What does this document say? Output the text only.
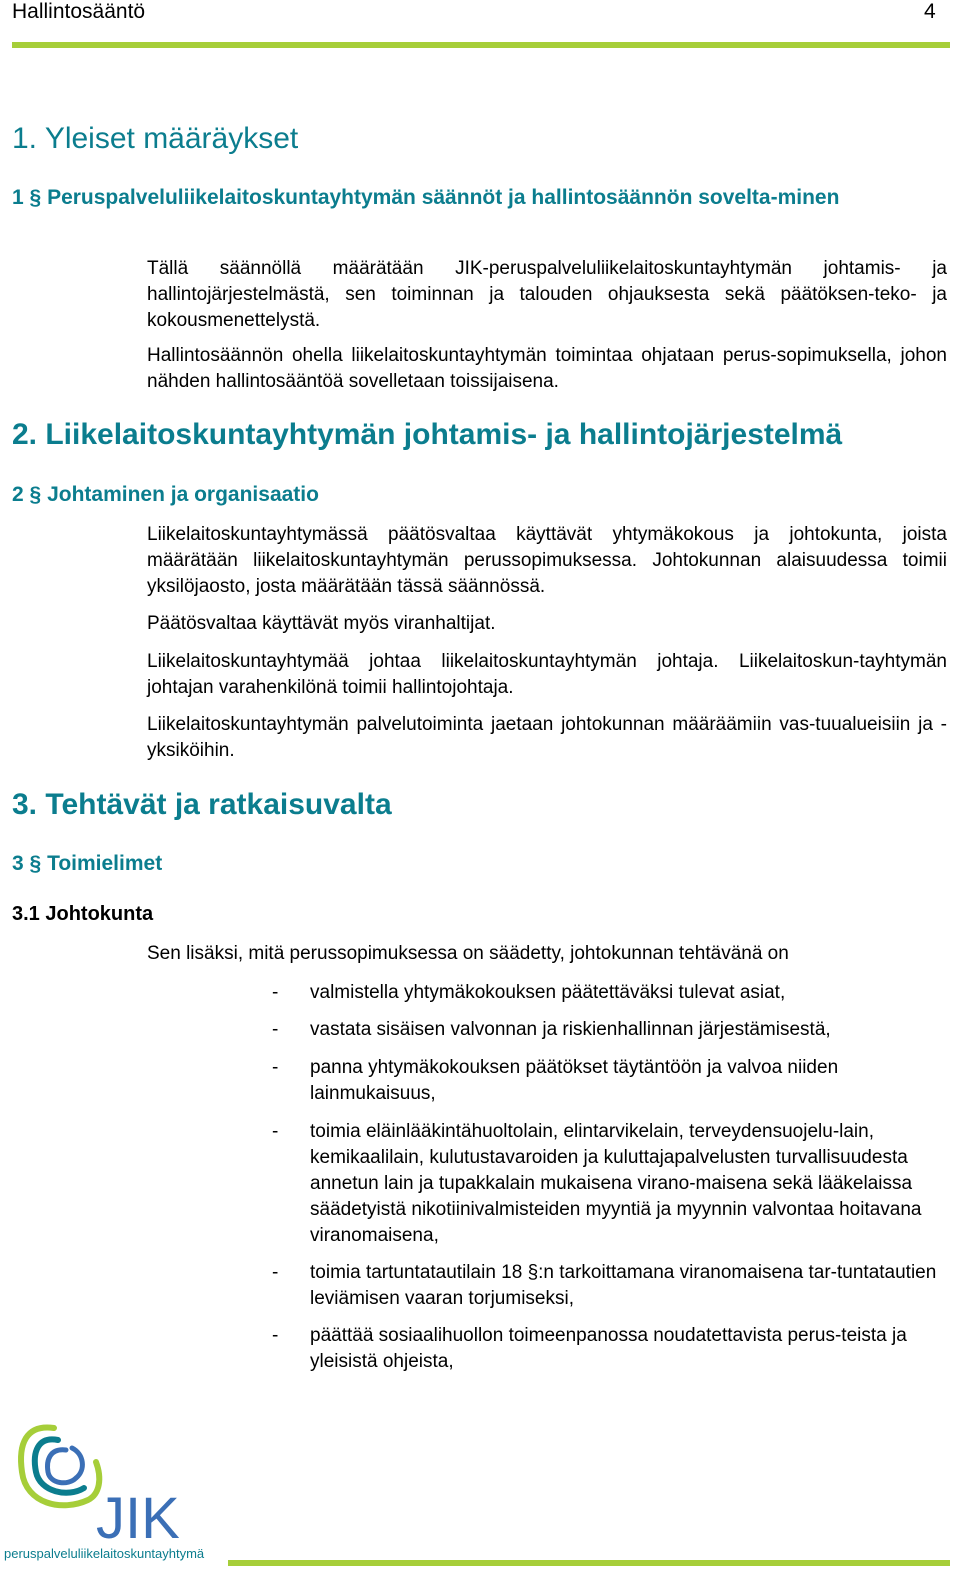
Hallintosääntö	4
1. Yleiset määräykset
1 § Peruspalveluliikelaitoskuntayhtymän säännöt ja hallintosäännön sovelta-minen
Tällä säännöllä määrätään JIK-peruspalveluliikelaitoskuntayhtymän johtamis- ja hallintojärjestelmästä, sen toiminnan ja talouden ohjauksesta sekä päätöksen-teko- ja kokousmenettelystä.
Hallintosäännön ohella liikelaitoskuntayhtymän toimintaa ohjataan perus-sopimuksella, johon nähden hallintosääntöä sovelletaan toissijaisena.
2. Liikelaitoskuntayhtymän johtamis- ja hallintojärjestelmä
2 § Johtaminen ja organisaatio
Liikelaitoskuntayhtymässä päätösvaltaa käyttävät yhtymäkokous ja johtokunta, joista määrätään liikelaitoskuntayhtymän perussopimuksessa. Johtokunnan alaisuudessa toimii yksilöjaosto, josta määrätään tässä säännössä.
Päätösvaltaa käyttävät myös viranhaltijat.
Liikelaitoskuntayhtymää johtaa liikelaitoskuntayhtymän johtaja. Liikelaitoskun-tayhtymän johtajan varahenkilönä toimii hallintojohtaja.
Liikelaitoskuntayhtymän palvelutoiminta jaetaan johtokunnan määräämiin vas-tuualueisiin ja -yksiköihin.
3. Tehtävät ja ratkaisuvalta
3 § Toimielimet
3.1 Johtokunta
Sen lisäksi, mitä perussopimuksessa on säädetty, johtokunnan tehtävänä on
- valmistella yhtymäkokouksen päätettäväksi tulevat asiat,
- vastata sisäisen valvonnan ja riskienhallinnan järjestämisestä,
- panna yhtymäkokouksen päätökset täytäntöön ja valvoa niiden lainmukaisuus,
- toimia eläinlääkintähuoltolain, elintarvikelain, terveydensuojelu-lain, kemikaalilain, kulutustavaroiden ja kuluttajapalvelusten turvallisuudesta annetun lain ja tupakkalain mukaisena virano-maisena sekä lääkelaissa säädetyistä nikotiinivalmisteiden myyntiä ja myynnin valvontaa hoitavana viranomaisena,
- toimia tartuntatautilain 18 §:n tarkoittamana viranomaisena tar-tuntatautien leviämisen vaaran torjumiseksi,
- päättää sosiaalihuollon toimeenpanossa noudatettavista perus-teista ja yleisistä ohjeista,
JIK
peruspalveluliikelaitoskuntayhtymä
